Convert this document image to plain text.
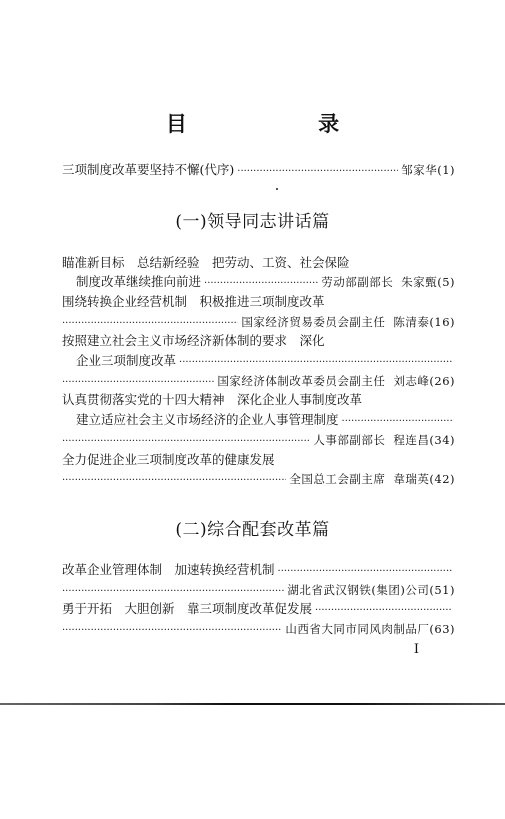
目 录
三项制度改革要坚持不懈(代序) ·····	邹家华(1)
(一)领导同志讲话篇
瞄准新目标　总结新经验　把劳动、工资、社会保险
制度改革继续推向前进 ·····	劳动部副部长 朱家甄(5)
围绕转换企业经营机制　积极推进三项制度改革
·····
国家经济贸易委员会副主任 陈清泰(16)
按照建立社会主义市场经济新体制的要求　深化
企业三项制度改革
·····
·····
国家经济体制改革委员会副主任 刘志峰(26)
认真贯彻落实党的十四大精神　深化企业人事制度改革
建立适应社会主义市场经济的企业人事管理制度
·····
·····
人事部副部长 程连昌(34)
全力促进企业三项制度改革的健康发展
·····
全国总工会副主席 韋瑞英(42)
(二)综合配套改革篇
改革企业管理体制　加速转换经营机制
·····
·····
湖北省武汉钢铁(集团)公司(51)
勇于开拓　大胆创新　靠三项制度改革促发展
·····
·····
山西省大同市同风肉制品厂(63)
I
